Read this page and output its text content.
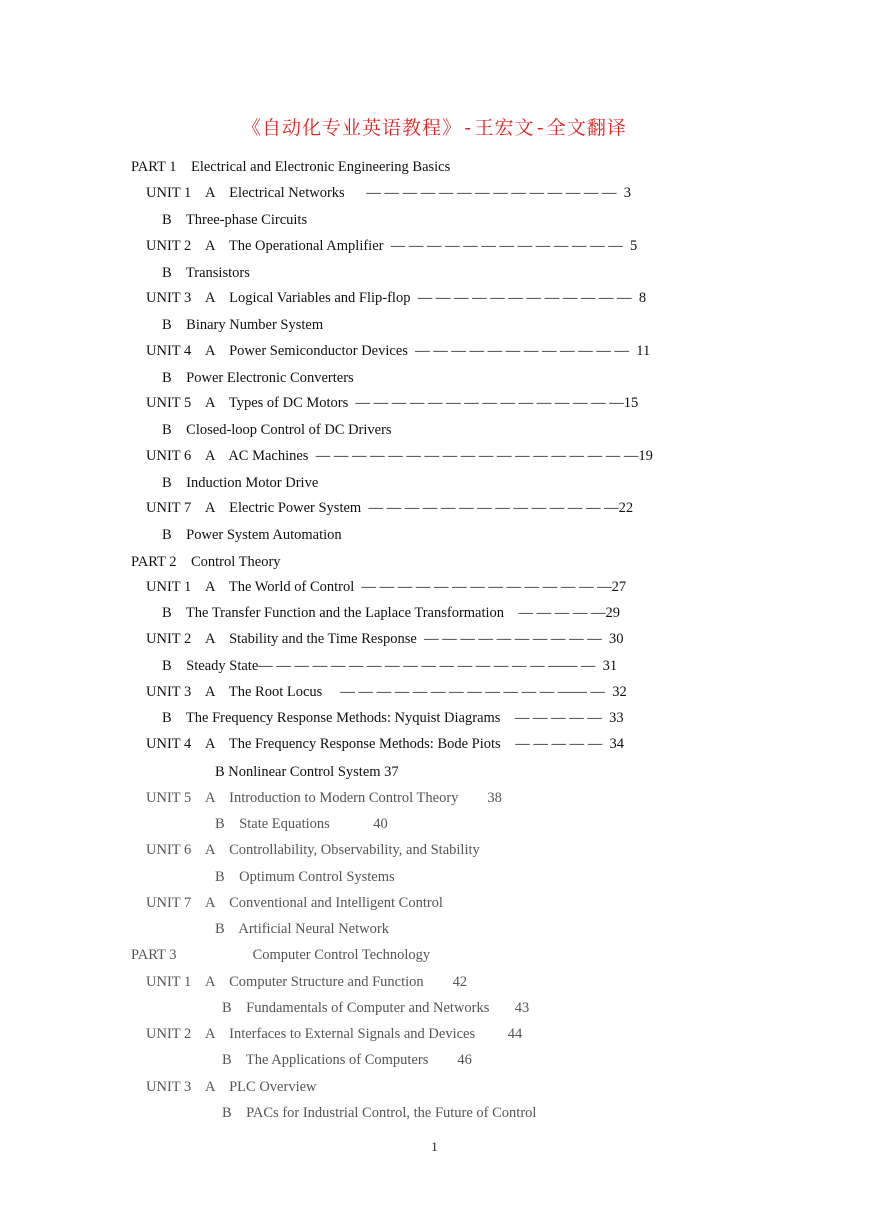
《自动化专业英语教程》-王宏文-全文翻译
PART 1    Electrical and Electronic Engineering Basics
UNIT 1    A    Electrical Networks      — — — — — — — — — — — — — —  3
B    Three-phase Circuits
UNIT 2    A    The Operational Amplifier  — — — — — — — — — — — — —  5
B    Transistors
UNIT 3    A    Logical Variables and Flip-flop  — — — — — — — — — — — —  8
B    Binary Number System
UNIT 4    A    Power Semiconductor Devices  — — — — — — — — — — — —  11
B    Power Electronic Converters
UNIT 5    A    Types of DC Motors  — — — — — — — — — — — — — — —15
B    Closed-loop Control of DC Drivers
UNIT 6    A    AC Machines  — — — — — — — — — — — — — — — — — —19
B    Induction Motor Drive
UNIT 7    A    Electric Power System  — — — — — — — — — — — — — —22
B    Power System Automation
PART 2    Control Theory
UNIT 1    A    The World of Control  — — — — — — — — — — — — — —27
B    The Transfer Function and the Laplace Transformation    — — — — —29
UNIT 2    A    Stability and the Time Response  — — — — — — — — — —  30
B    Steady State— — — — — — — — — — — — — — — — —— —  31
UNIT 3    A    The Root Locus     — — — — — — — — — — — — —— —  32
B    The Frequency Response Methods: Nyquist Diagrams    — — — — —  33
UNIT 4    A    The Frequency Response Methods: Bode Piots    — — — — —  34
B Nonlinear Control System 37
UNIT 5    A    Introduction to Modern Control Theory        38
B    State Equations            40
UNIT 6    A    Controllability, Observability, and Stability
B    Optimum Control Systems
UNIT 7    A    Conventional and Intelligent Control
B    Artificial Neural Network
PART 3                     Computer Control Technology
UNIT 1    A    Computer Structure and Function        42
B    Fundamentals of Computer and Networks       43
UNIT 2    A    Interfaces to External Signals and Devices         44
B    The Applications of Computers        46
UNIT 3    A    PLC Overview
B    PACs for Industrial Control, the Future of Control
1
